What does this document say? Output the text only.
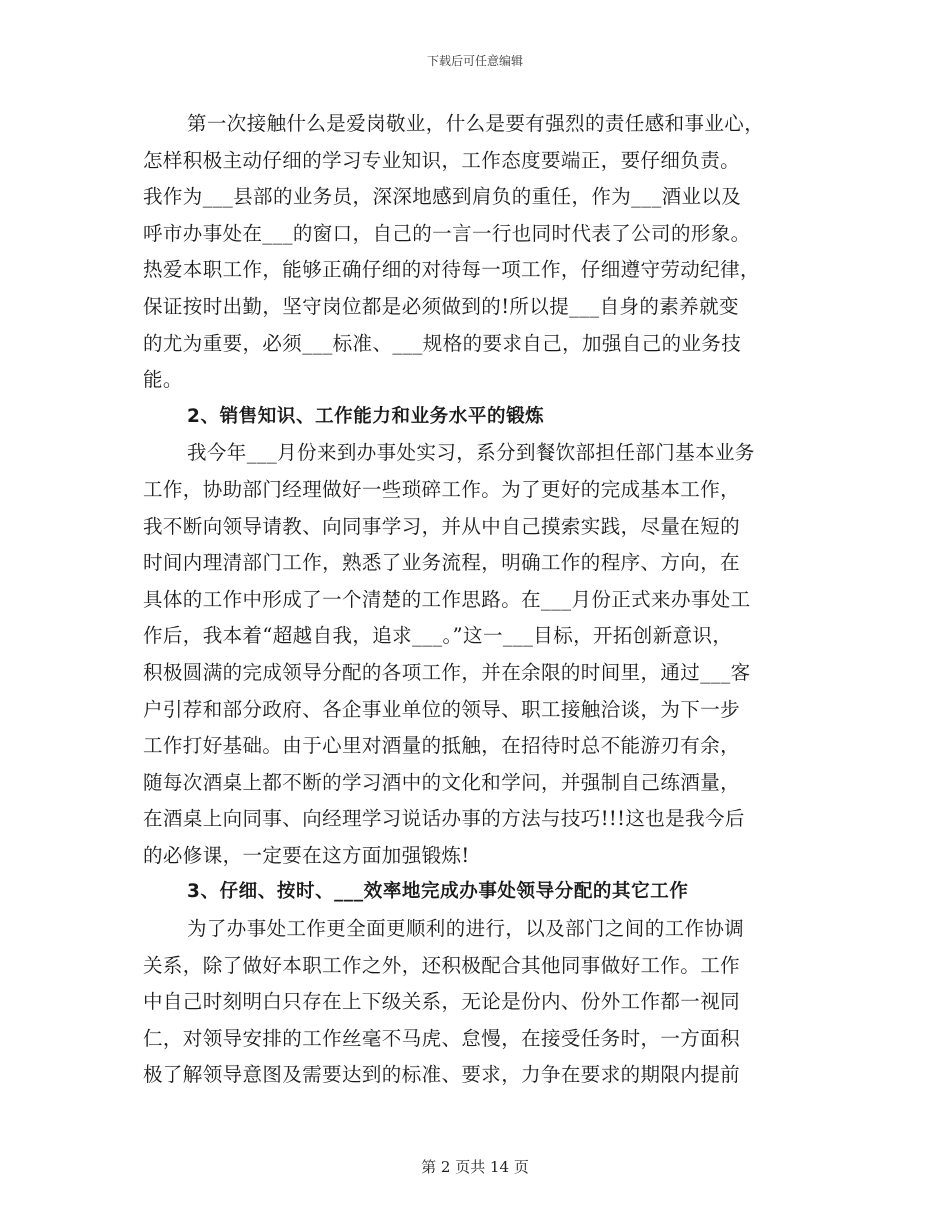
下载后可任意编辑
第一次接触什么是爱岗敬业，什么是要有强烈的责任感和事业心，
怎样积极主动仔细的学习专业知识，工作态度要端正，要仔细负责。
我作为___县部的业务员，深深地感到肩负的重任，作为___酒业以及
呼市办事处在___的窗口，自己的一言一行也同时代表了公司的形象。
热爱本职工作，能够正确仔细的对待每一项工作，仔细遵守劳动纪律，
保证按时出勤，坚守岗位都是必须做到的!所以提___自身的素养就变
的尤为重要，必须___标准、___规格的要求自己，加强自己的业务技
能。
2、销售知识、工作能力和业务水平的锻炼
我今年___月份来到办事处实习，系分到餐饮部担任部门基本业务
工作，协助部门经理做好一些琐碎工作。为了更好的完成基本工作，
我不断向领导请教、向同事学习，并从中自己摸索实践，尽量在短的
时间内理清部门工作，熟悉了业务流程，明确工作的程序、方向，在
具体的工作中形成了一个清楚的工作思路。在___月份正式来办事处工
作后，我本着“超越自我，追求___。”这一___目标，开拓创新意识，
积极圆满的完成领导分配的各项工作，并在余限的时间里，通过___客
户引荐和部分政府、各企事业单位的领导、职工接触洽谈，为下一步
工作打好基础。由于心里对酒量的抵触，在招待时总不能游刃有余，
随每次酒桌上都不断的学习酒中的文化和学问，并强制自己练酒量，
在酒桌上向同事、向经理学习说话办事的方法与技巧!!!这也是我今后
的必修课，一定要在这方面加强锻炼!
3、仔细、按时、___效率地完成办事处领导分配的其它工作
为了办事处工作更全面更顺利的进行，以及部门之间的工作协调
关系，除了做好本职工作之外，还积极配合其他同事做好工作。工作
中自己时刻明白只存在上下级关系，无论是份内、份外工作都一视同
仁，对领导安排的工作丝毫不马虎、怠慢，在接受任务时，一方面积
极了解领导意图及需要达到的标准、要求，力争在要求的期限内提前
第 2 页共 14 页
